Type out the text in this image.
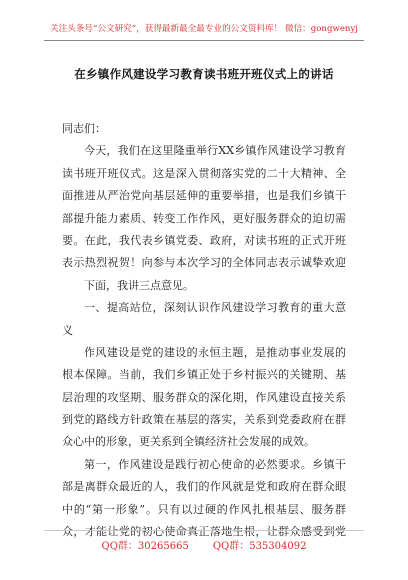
关注头条号“公文研究”，获得最新最全最专业的公文资料库！ 微信：gongwenyj
在乡镇作风建设学习教育读书班开班仪式上的讲话
同志们：
今天，我们在这里隆重举行XX乡镇作风建设学习教育
读书班开班仪式。这是深入贯彻落实党的二十大精神、全
面推进从严治党向基层延伸的重要举措，也是我们乡镇干
部提升能力素质、转变工作作风，更好服务群众的迫切需
要。在此，我代表乡镇党委、政府，对读书班的正式开班
表示热烈祝贺！向参与本次学习的全体同志表示诚挚欢迎
下面，我讲三点意见。
一、提高站位，深刻认识作风建设学习教育的重大意
义
作风建设是党的建设的永恒主题，是推动事业发展的
根本保障。当前，我们乡镇正处于乡村振兴的关键期、基
层治理的攻坚期、服务群众的深化期，作风建设直接关系
到党的路线方针政策在基层的落实，关系到党委政府在群
众心中的形象，更关系到全镇经济社会发展的成效。
第一，作风建设是践行初心使命的必然要求。乡镇干
部是离群众最近的人，我们的作风就是党和政府在群众眼
中的“第一形象”。只有以过硬的作风扎根基层、服务群
众，才能让党的初心使命真正落地生根，让群众感受到党
QQ群：30265665 QQ群：535304092
